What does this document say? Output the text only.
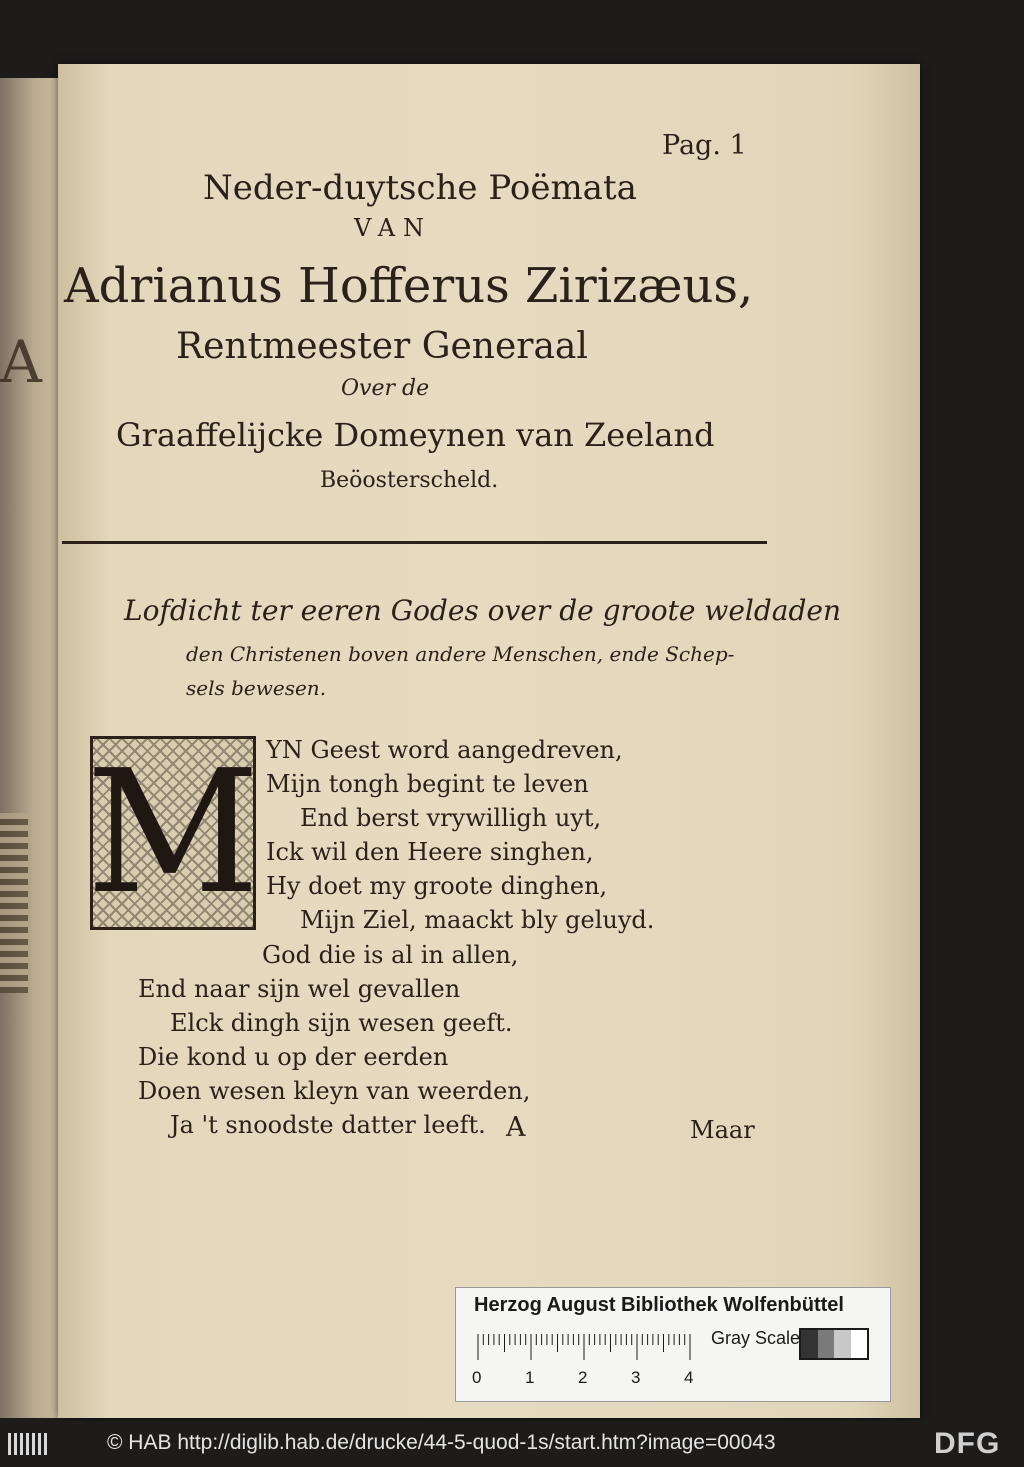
A
Pag. 1
Neder-duytsche Poëmata
VAN
Adrianus Hofferus Zirizæus,
Rentmeester Generaal
Over de
Graaffelijcke Domeynen van Zeeland
Beöosterscheld.
Lofdicht ter eeren Godes over de groote weldaden
den Christenen boven andere Menschen, ende Schep-
sels bewesen.
M YN Geest word aangedreven,
Mijn tongh begint te leven
End berst vrywilligh uyt,
Ick wil den Heere singhen,
Hy doet my groote dinghen,
Mijn Ziel, maackt bly geluyd.
God die is al in allen,
End naar sijn wel gevallen
Elck dingh sijn wesen geeft.
Die kond u op der eerden
Doen wesen kleyn van weerden,
Ja 't snoodste datter leeft. A	Maar
Herzog August Bibliothek Wolfenbüttel
0	1	2	3	4
Gray Scale
© HAB http://diglib.hab.de/drucke/44-5-quod-1s/start.htm?image=00043	DFG
